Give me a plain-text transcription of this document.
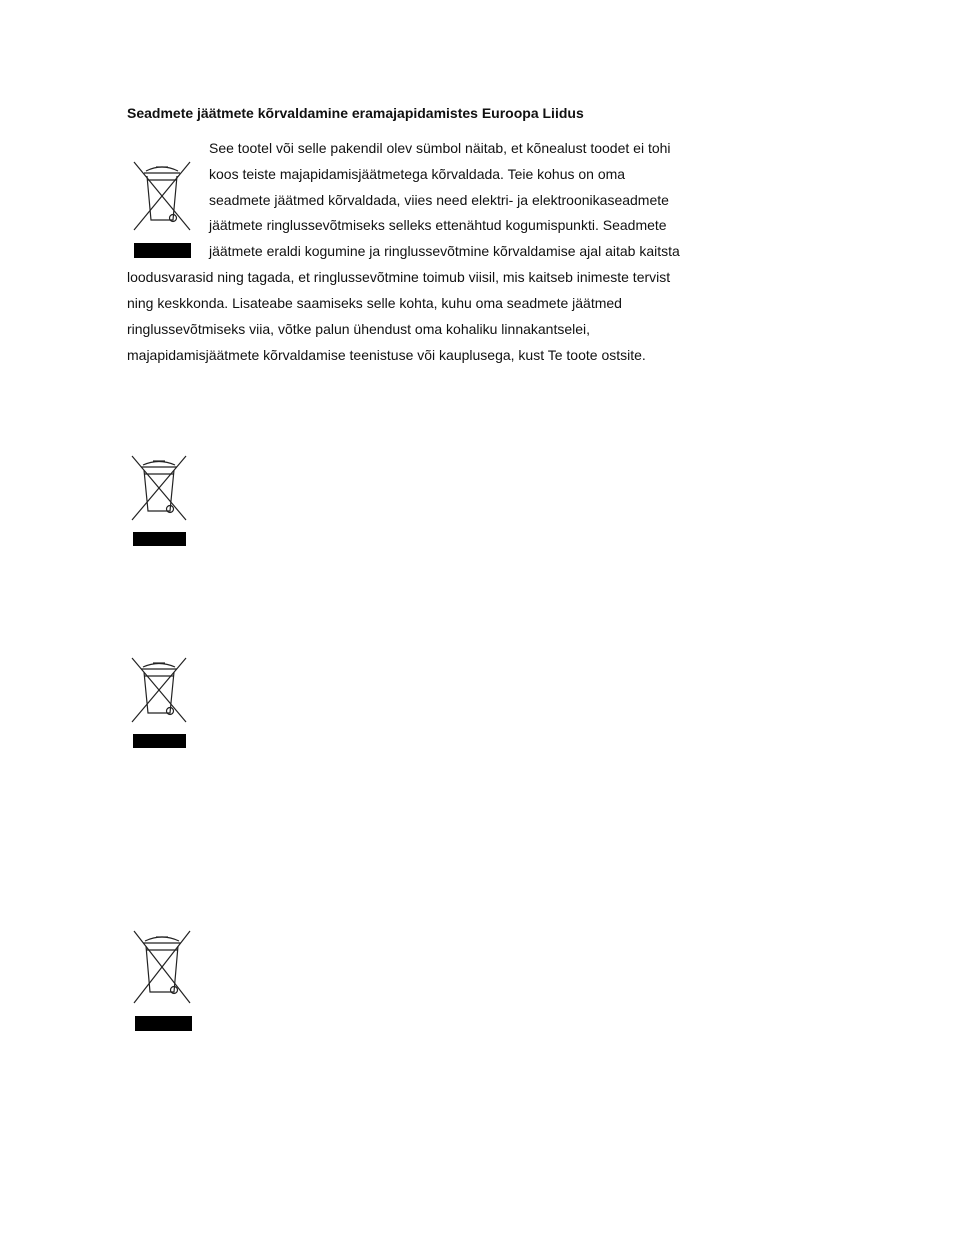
Seadmete jäätmete kõrvaldamine eramajapidamistes Euroopa Liidus
See tootel või selle pakendil olev sümbol näitab, et kõnealust toodet ei tohi
koos teiste majapidamisjäätmetega kõrvaldada. Teie kohus on oma
seadmete jäätmed kõrvaldada, viies need elektri- ja elektroonikaseadmete
jäätmete ringlussevõtmiseks selleks ettenähtud kogumispunkti. Seadmete
jäätmete eraldi kogumine ja ringlussevõtmine kõrvaldamise ajal aitab kaitsta
loodusvarasid ning tagada, et ringlussevõtmine toimub viisil, mis kaitseb inimeste tervist
ning keskkonda. Lisateabe saamiseks selle kohta, kuhu oma seadmete jäätmed
ringlussevõtmiseks viia, võtke palun ühendust oma kohaliku linnakantselei,
majapidamisjäätmete kõrvaldamise teenistuse või kauplusega, kust Te toote ostsite.
